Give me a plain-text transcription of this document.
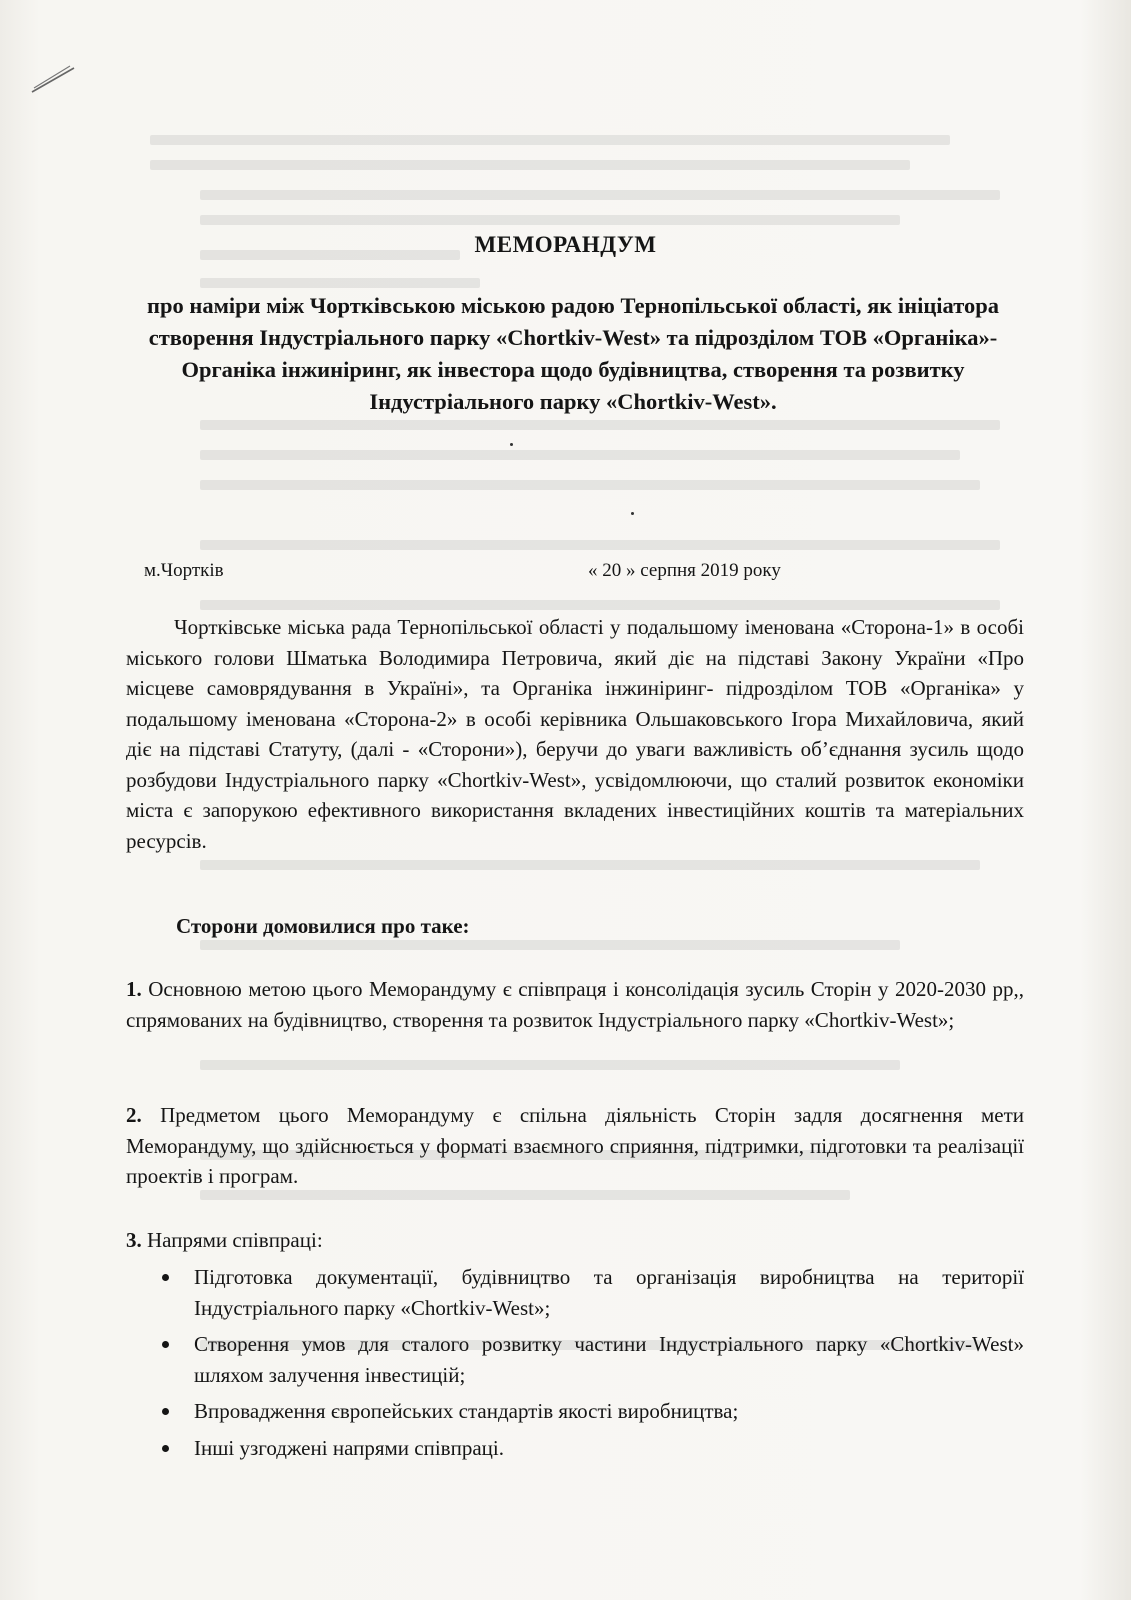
МЕМОРАНДУМ
про наміри між Чортківською міською радою Тернопільської області, як ініціатора створення Індустріального парку «Chortkiv-West» та підрозділом ТОВ «Органіка»- Органіка інжиніринг, як інвестора щодо будівництва, створення та розвитку Індустріального парку «Chortkiv-West».
м.Чортків	« 20 » серпня 2019 року
Чортківське міська рада Тернопільської області у подальшому іменована «Сторона-1» в особі міського голови Шматька Володимира Петровича, який діє на підставі Закону України «Про місцеве самоврядування в Україні», та Органіка інжиніринг- підрозділом ТОВ «Органіка» у подальшому іменована «Сторона-2» в особі керівника Ольшаковського Ігора Михайловича, який діє на підставі Статуту, (далі - «Сторони»), беручи до уваги важливість об’єднання зусиль щодо розбудови Індустріального парку «Chortkiv-West», усвідомлюючи, що сталий розвиток економіки міста є запорукою ефективного використання вкладених інвестиційних коштів та матеріальних ресурсів.
Сторони домовилися про таке:
1. Основною метою цього Меморандуму є співпраця і консолідація зусиль Сторін у 2020-2030 рр,, спрямованих на будівництво, створення та розвиток Індустріального парку «Chortkiv-West»;
2. Предметом цього Меморандуму є спільна діяльність Сторін задля досягнення мети Меморандуму, що здійснюється у форматі взаємного сприяння, підтримки, підготовки та реалізації проектів і програм.
3. Напрями співпраці:
Підготовка документації, будівництво та організація виробництва на території Індустріального парку «Chortkiv-West»;
Створення умов для сталого розвитку частини Індустріального парку «Chortkiv-West» шляхом залучення інвестицій;
Впровадження європейських стандартів якості виробництва;
Інші узгоджені напрями співпраці.
